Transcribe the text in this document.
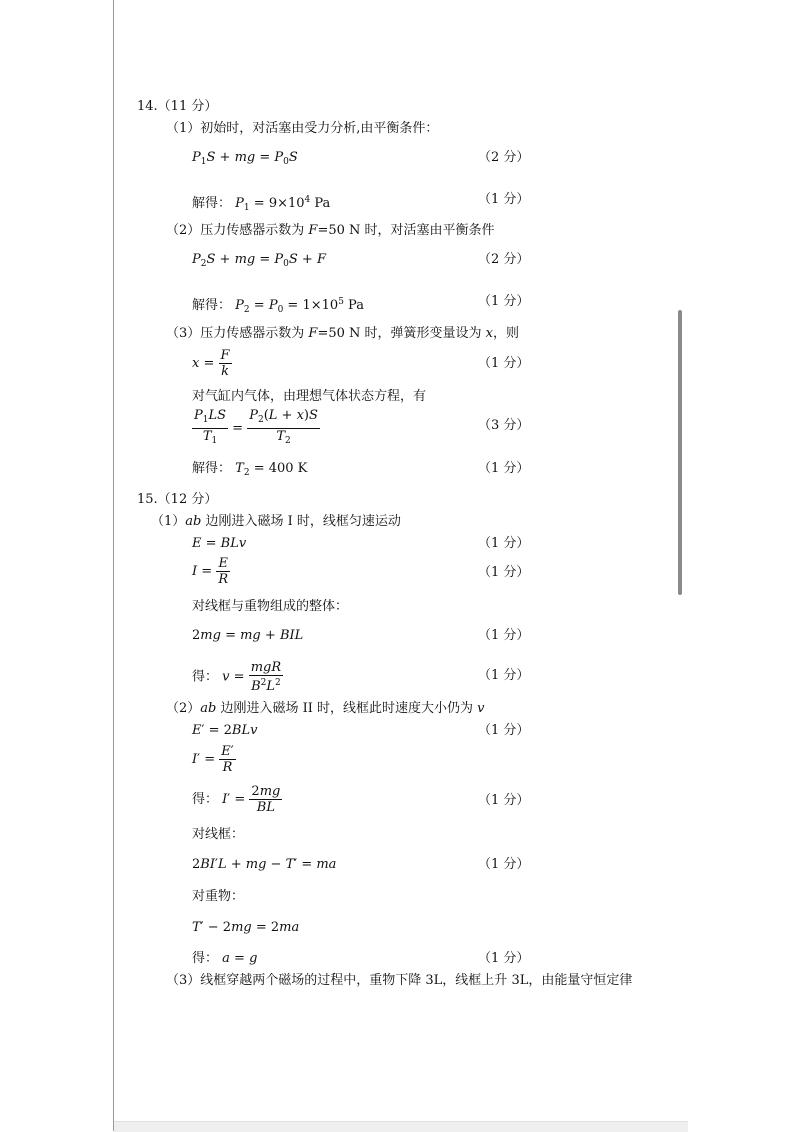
14.（11 分）
（1）初始时，对活塞由受力分析,由平衡条件：
$P_1S$ + mg = $P_0S$	（2 分）
解得： $P_1 = 9\times 10^4$ Pa	（1 分）
（2）压力传感器示数为 F=50 N 时，对活塞由平衡条件
$P_2S$ + mg = $P_0S + F$	（2 分）
解得： $P_2 = P_0 = 1\times 10^5$ Pa	（1 分）
（3）压力传感器示数为 F=50 N 时，弹簧形变量设为 x，则
$x = \frac{F}{k}$	（1 分）
对气缸内气体，由理想气体状态方程，有
$\frac{P_1LS}{T_1} = \frac{P_2(L + x)S}{T_2}$	（3 分）
解得： $T_2 = 400$ K	（1 分）
15.（12 分）
（1）ab 边刚进入磁场 I 时，线框匀速运动
E = BLv	（1 分）
$I = \frac{E}{R}$	（1 分）
对线框与重物组成的整体：
2mg = mg + BIL	（1 分）
得： $v = \frac{\text{mgR}}{B^2L^2}$	（1 分）
（2）ab 边刚进入磁场 II 时，线框此时速度大小仍为 v
E′ = 2BLv	（1 分）
$I' = \frac{E'}{R}$
得： $I' = \frac{2mg}{BL}$	（1 分）
对线框：
2BI′L + mg − T′ = ma	（1 分）
对重物：
T′ − 2mg = 2ma
得： a = g	（1 分）
（3）线框穿越两个磁场的过程中，重物下降 3L，线框上升 3L，由能量守恒定律
